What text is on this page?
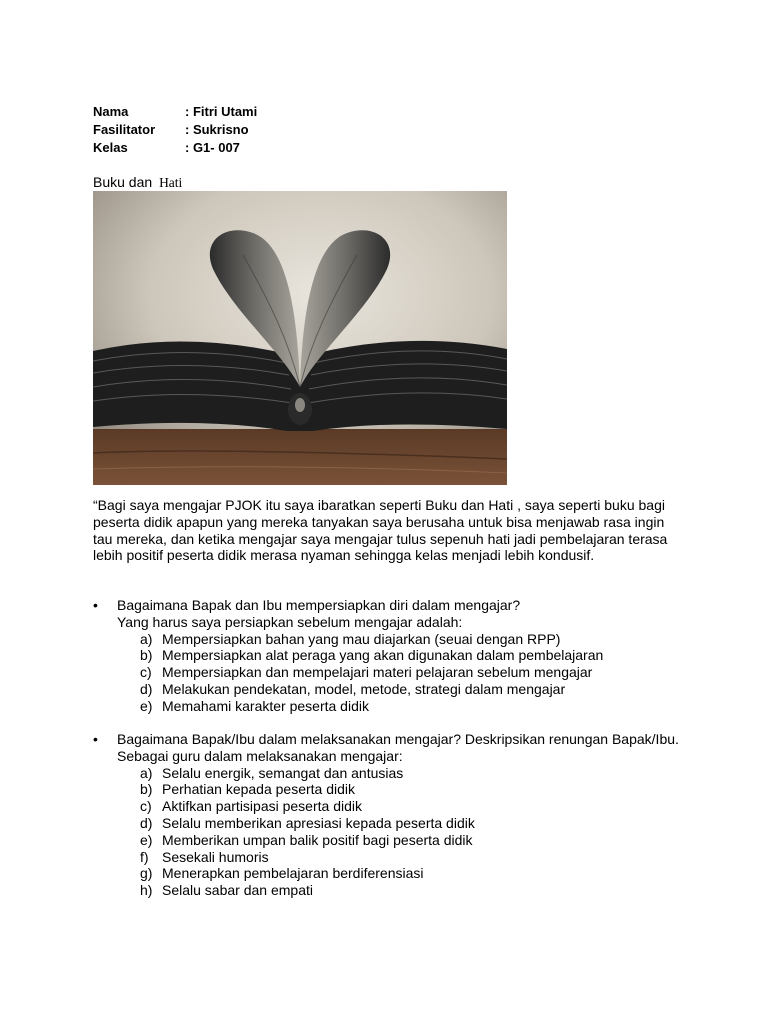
Nama	: Fitri Utami
Fasilitator	: Sukrisno
Kelas	: G1- 007
Buku dan Hati
“Bagi saya mengajar PJOK itu saya ibaratkan seperti Buku dan Hati , saya seperti buku bagi peserta didik apapun yang mereka tanyakan saya berusaha untuk bisa menjawab rasa ingin tau mereka, dan ketika mengajar saya mengajar tulus sepenuh hati jadi pembelajaran terasa lebih positif peserta didik merasa nyaman sehingga kelas menjadi lebih kondusif.
•	Bagaimana Bapak dan Ibu mempersiapkan diri dalam mengajar?
Yang harus saya persiapkan sebelum mengajar adalah:
a) Mempersiapkan bahan yang mau diajarkan (seuai dengan RPP)
b) Mempersiapkan alat peraga yang akan digunakan dalam pembelajaran
c) Mempersiapkan dan mempelajari materi pelajaran sebelum mengajar
d) Melakukan pendekatan, model, metode, strategi dalam mengajar
e) Memahami karakter peserta didik
•	Bagaimana Bapak/Ibu dalam melaksanakan mengajar? Deskripsikan renungan Bapak/Ibu.
Sebagai guru dalam melaksanakan mengajar:
a) Selalu energik, semangat dan antusias
b) Perhatian kepada peserta didik
c) Aktifkan partisipasi peserta didik
d) Selalu memberikan apresiasi kepada peserta didik
e) Memberikan umpan balik positif bagi peserta didik
f) Sesekali humoris
g) Menerapkan pembelajaran berdiferensiasi
h) Selalu sabar dan empati
